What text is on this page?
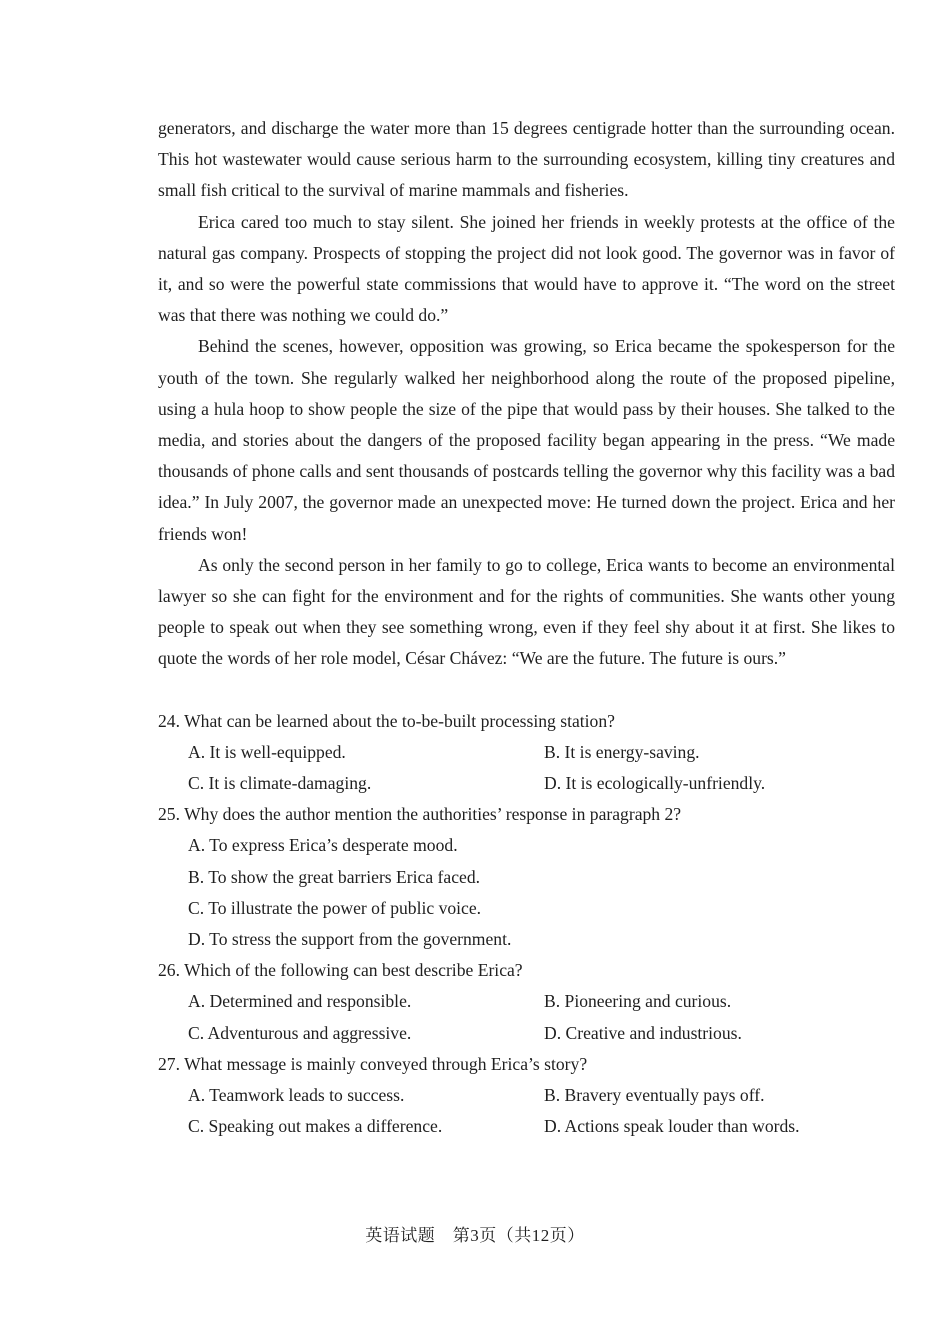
generators, and discharge the water more than 15 degrees centigrade hotter than the surrounding ocean. This hot wastewater would cause serious harm to the surrounding ecosystem, killing tiny creatures and small fish critical to the survival of marine mammals and fisheries.

Erica cared too much to stay silent. She joined her friends in weekly protests at the office of the natural gas company. Prospects of stopping the project did not look good. The governor was in favor of it, and so were the powerful state commissions that would have to approve it. “The word on the street was that there was nothing we could do.”

Behind the scenes, however, opposition was growing, so Erica became the spokesperson for the youth of the town. She regularly walked her neighborhood along the route of the proposed pipeline, using a hula hoop to show people the size of the pipe that would pass by their houses. She talked to the media, and stories about the dangers of the proposed facility began appearing in the press. “We made thousands of phone calls and sent thousands of postcards telling the governor why this facility was a bad idea.” In July 2007, the governor made an unexpected move: He turned down the project. Erica and her friends won!

As only the second person in her family to go to college, Erica wants to become an environmental lawyer so she can fight for the environment and for the rights of communities. She wants other young people to speak out when they see something wrong, even if they feel shy about it at first. She likes to quote the words of her role model, César Chávez: “We are the future. The future is ours.”

24. What can be learned about the to-be-built processing station?

A. It is well-equipped.	B. It is energy-saving.
C. It is climate-damaging.	D. It is ecologically-unfriendly.

25. Why does the author mention the authorities’ response in paragraph 2?

A. To express Erica’s desperate mood.
B. To show the great barriers Erica faced.
C. To illustrate the power of public voice.
D. To stress the support from the government.

26. Which of the following can best describe Erica?

A. Determined and responsible.	B. Pioneering and curious.
C. Adventurous and aggressive.	D. Creative and industrious.

27. What message is mainly conveyed through Erica’s story?

A. Teamwork leads to success.	B. Bravery eventually pays off.
C. Speaking out makes a difference.	D. Actions speak louder than words.
英语试题　第3页（共12页）
